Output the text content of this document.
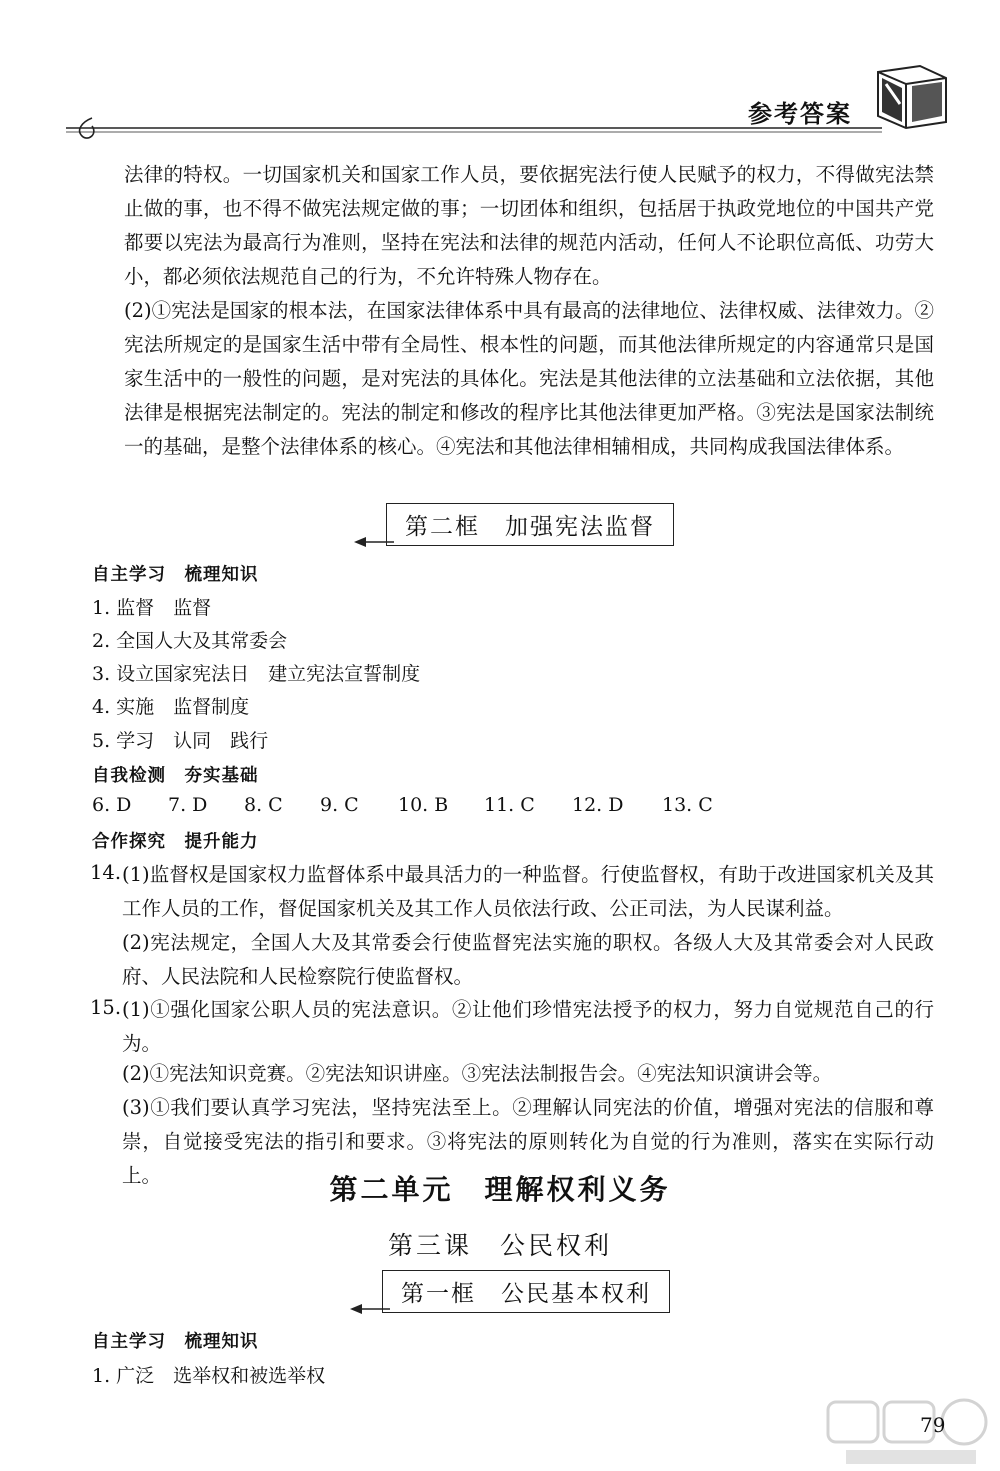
参考答案
法律的特权。一切国家机关和国家工作人员，要依据宪法行使人民赋予的权力，不得做宪法禁止做的事，也不得不做宪法规定做的事；一切团体和组织，包括居于执政党地位的中国共产党都要以宪法为最高行为准则，坚持在宪法和法律的规范内活动，任何人不论职位高低、功劳大小，都必须依法规范自己的行为，不允许特殊人物存在。
(2)①宪法是国家的根本法，在国家法律体系中具有最高的法律地位、法律权威、法律效力。②宪法所规定的是国家生活中带有全局性、根本性的问题，而其他法律所规定的内容通常只是国家生活中的一般性的问题，是对宪法的具体化。宪法是其他法律的立法基础和立法依据，其他法律是根据宪法制定的。宪法的制定和修改的程序比其他法律更加严格。③宪法是国家法制统一的基础，是整个法律体系的核心。④宪法和其他法律相辅相成，共同构成我国法律体系。
第二框　加强宪法监督
自主学习　梳理知识
1. 监督　监督
2. 全国人大及其常委会
3. 设立国家宪法日　建立宪法宣誓制度
4. 实施　监督制度
5. 学习　认同　践行
自我检测　夯实基础
6. D 7. D 8. C 9. C 10. B 11. C 12. D 13. C
合作探究　提升能力
14. (1)监督权是国家权力监督体系中最具活力的一种监督。行使监督权，有助于改进国家机关及其工作人员的工作，督促国家机关及其工作人员依法行政、公正司法，为人民谋利益。
(2)宪法规定，全国人大及其常委会行使监督宪法实施的职权。各级人大及其常委会对人民政府、人民法院和人民检察院行使监督权。
15. (1)①强化国家公职人员的宪法意识。②让他们珍惜宪法授予的权力，努力自觉规范自己的行为。
(2)①宪法知识竞赛。②宪法知识讲座。③宪法法制报告会。④宪法知识演讲会等。
(3)①我们要认真学习宪法，坚持宪法至上。②理解认同宪法的价值，增强对宪法的信服和尊崇，自觉接受宪法的指引和要求。③将宪法的原则转化为自觉的行为准则，落实在实际行动上。	第二单元　理解权利义务
第三课　公民权利
第一框　公民基本权利
自主学习　梳理知识
1. 广泛　选举权和被选举权
79
